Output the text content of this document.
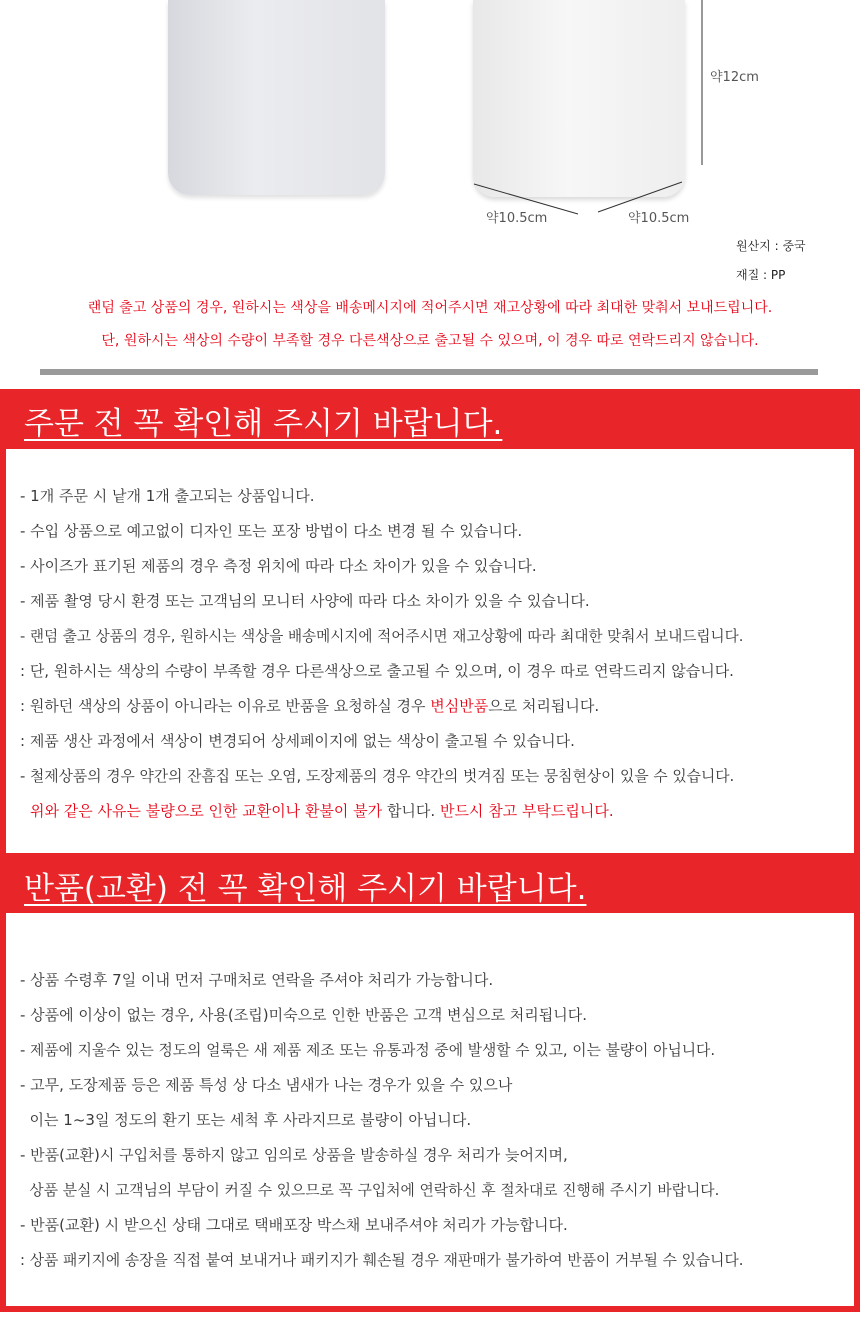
약12cm
약10.5cm	약10.5cm
원산지 : 중국
재질 : PP
랜덤 출고 상품의 경우, 원하시는 색상을 배송메시지에 적어주시면 재고상황에 따라 최대한 맞춰서 보내드립니다.
단, 원하시는 색상의 수량이 부족할 경우 다른색상으로 출고될 수 있으며, 이 경우 따로 연락드리지 않습니다.
주문 전 꼭 확인해 주시기 바랍니다.
- 1개 주문 시 낱개 1개 출고되는 상품입니다.
- 수입 상품으로 예고없이 디자인 또는 포장 방법이 다소 변경 될 수 있습니다.
- 사이즈가 표기된 제품의 경우 측정 위치에 따라 다소 차이가 있을 수 있습니다.
- 제품 촬영 당시 환경 또는 고객님의 모니터 사양에 따라 다소 차이가 있을 수 있습니다.
- 랜덤 출고 상품의 경우, 원하시는 색상을 배송메시지에 적어주시면 재고상황에 따라 최대한 맞춰서 보내드립니다.
: 단, 원하시는 색상의 수량이 부족할 경우 다른색상으로 출고될 수 있으며, 이 경우 따로 연락드리지 않습니다.
: 원하던 색상의 상품이 아니라는 이유로 반품을 요청하실 경우 변심반품으로 처리됩니다.
: 제품 생산 과정에서 색상이 변경되어 상세페이지에 없는 색상이 출고될 수 있습니다.
- 철제상품의 경우 약간의 잔흠집 또는 오염, 도장제품의 경우 약간의 벗겨짐 또는 뭉침현상이 있을 수 있습니다.
위와 같은 사유는 불량으로 인한 교환이나 환불이 불가 합니다. 반드시 참고 부탁드립니다.
반품(교환) 전 꼭 확인해 주시기 바랍니다.
- 상품 수령후 7일 이내 먼저 구매처로 연락을 주셔야 처리가 가능합니다.
- 상품에 이상이 없는 경우, 사용(조립)미숙으로 인한 반품은 고객 변심으로 처리됩니다.
- 제품에 지울수 있는 정도의 얼룩은 새 제품 제조 또는 유통과정 중에 발생할 수 있고, 이는 불량이 아닙니다.
- 고무, 도장제품 등은 제품 특성 상 다소 냄새가 나는 경우가 있을 수 있으나
이는 1~3일 정도의 환기 또는 세척 후 사라지므로 불량이 아닙니다.
- 반품(교환)시 구입처를 통하지 않고 임의로 상품을 발송하실 경우 처리가 늦어지며,
상품 분실 시 고객님의 부담이 커질 수 있으므로 꼭 구입처에 연락하신 후 절차대로 진행해 주시기 바랍니다.
- 반품(교환) 시 받으신 상태 그대로 택배포장 박스채 보내주셔야 처리가 가능합니다.
: 상품 패키지에 송장을 직접 붙여 보내거나 패키지가 훼손될 경우 재판매가 불가하여 반품이 거부될 수 있습니다.
